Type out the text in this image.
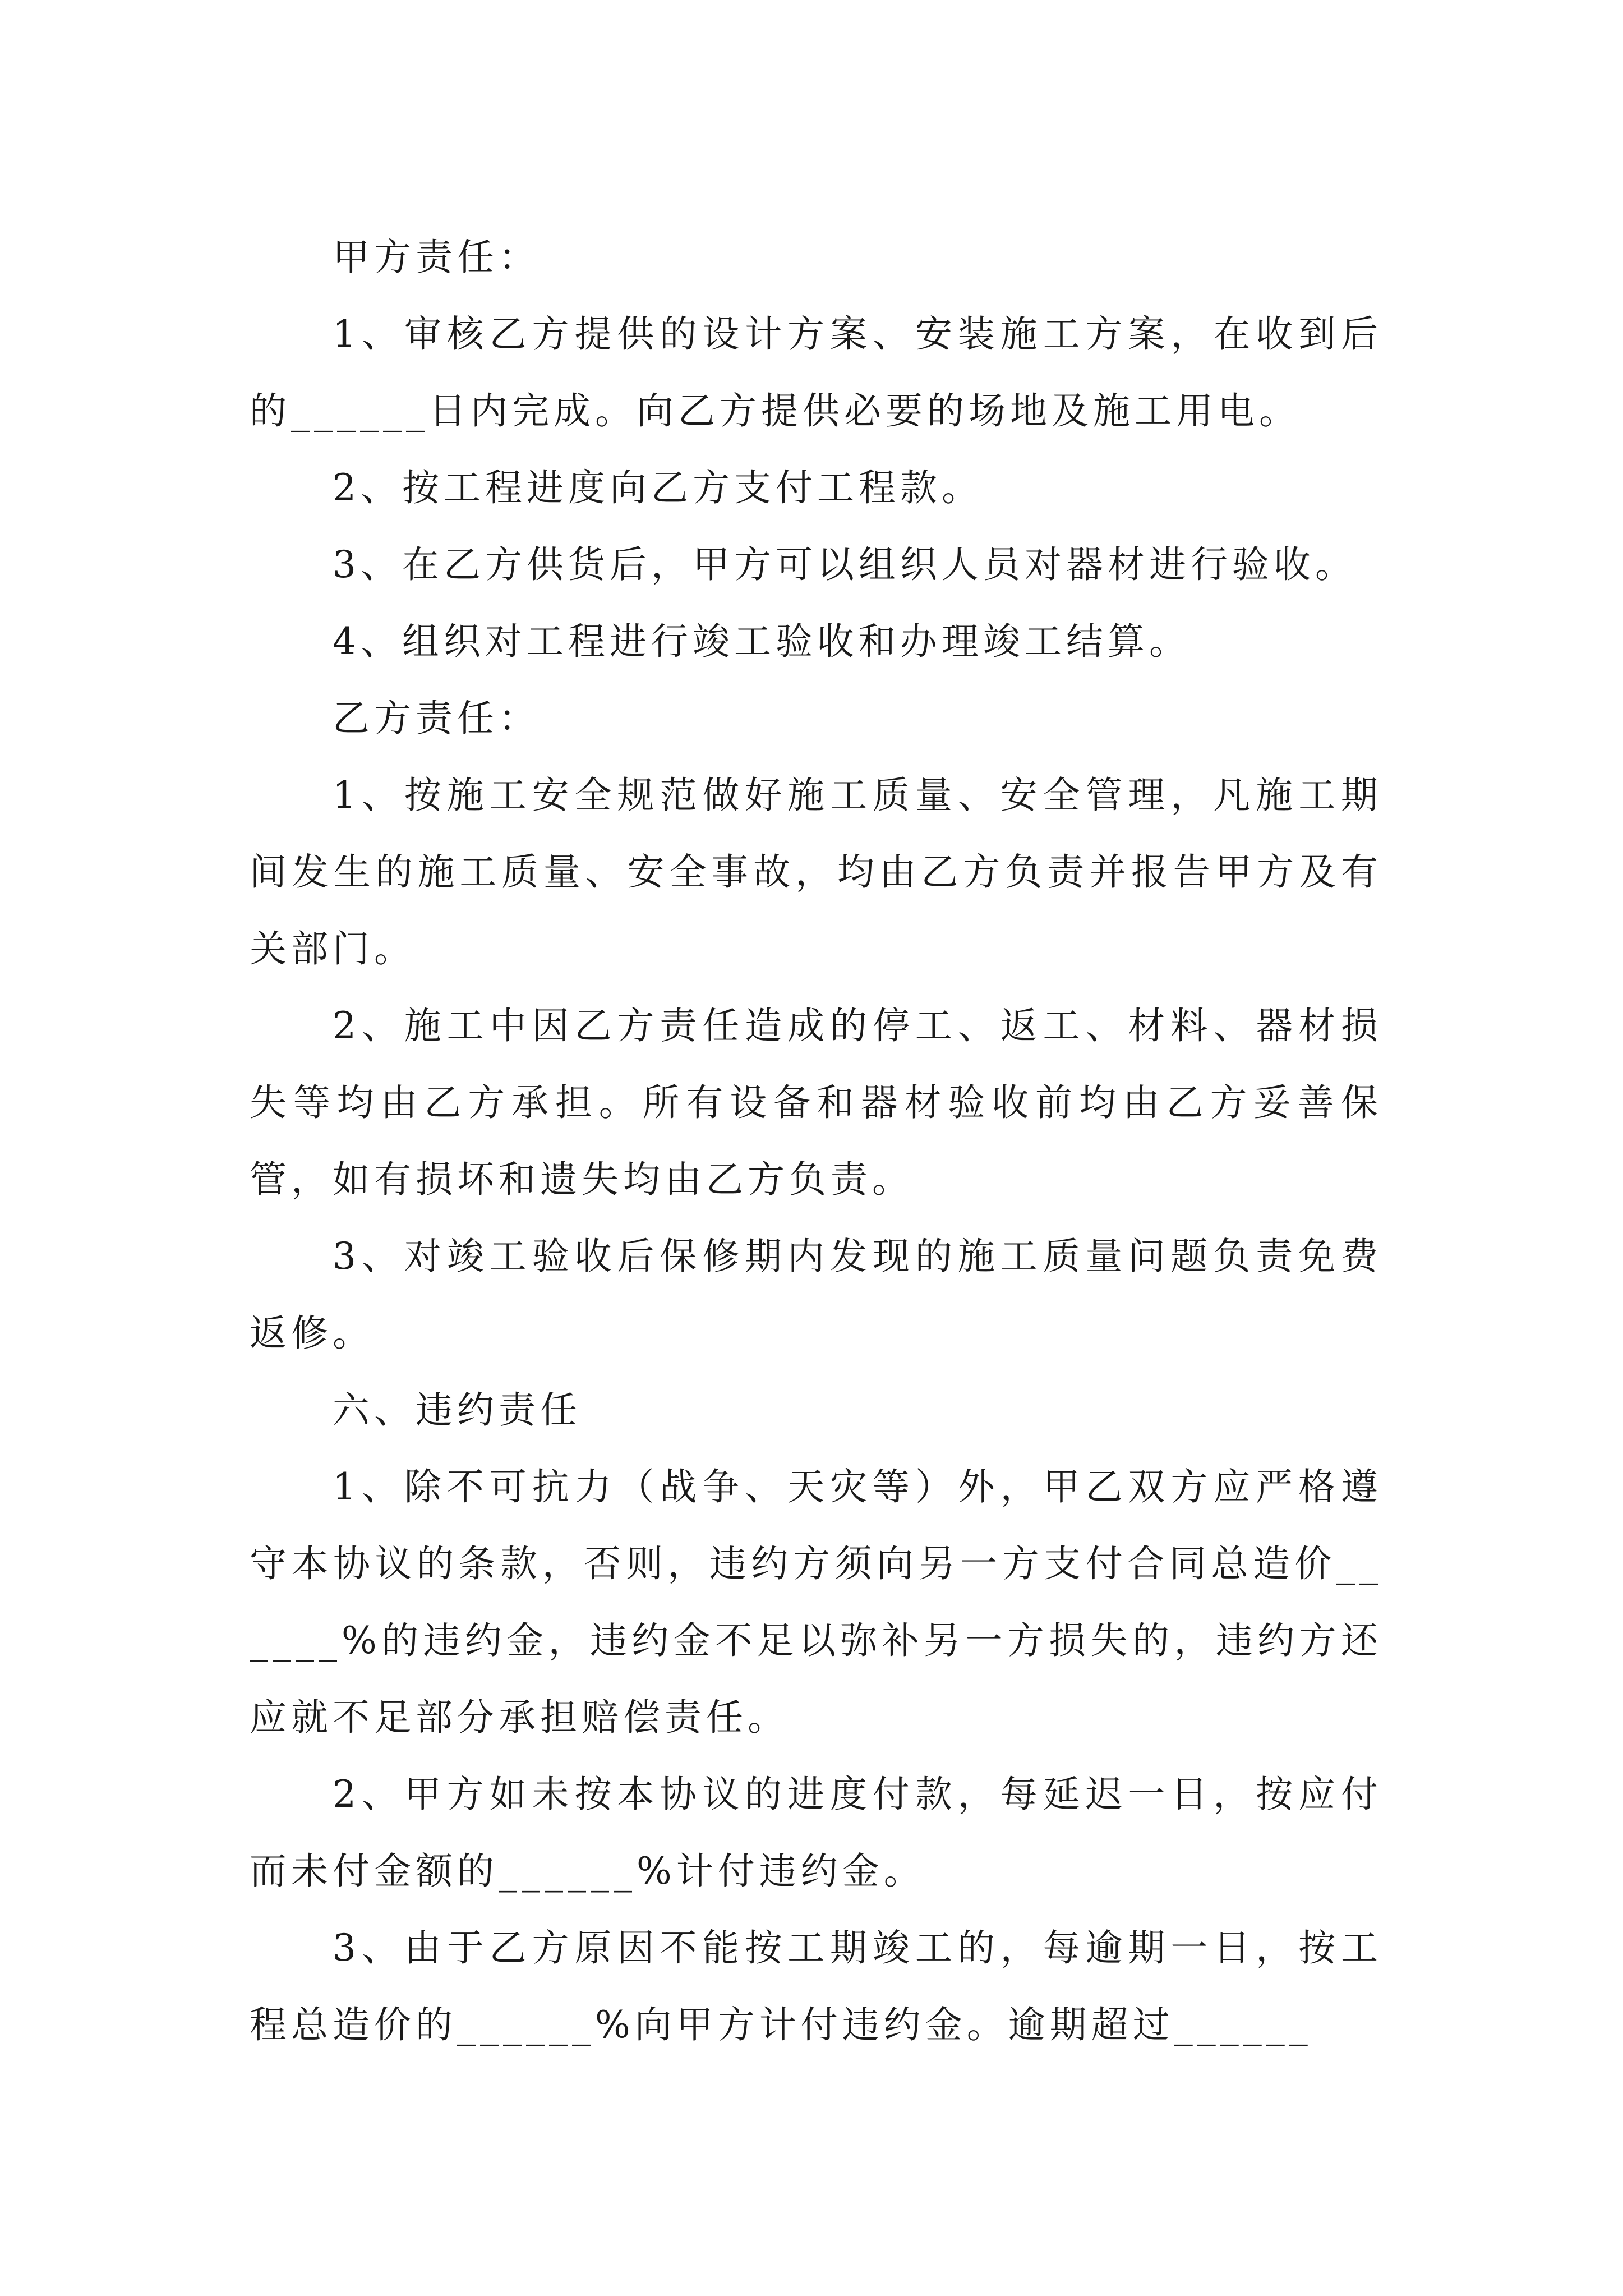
甲方责任：

1、审核乙方提供的设计方案、安装施工方案，在收到后的______日内完成。向乙方提供必要的场地及施工用电。

2、按工程进度向乙方支付工程款。

3、在乙方供货后，甲方可以组织人员对器材进行验收。

4、组织对工程进行竣工验收和办理竣工结算。

乙方责任：

1、按施工安全规范做好施工质量、安全管理，凡施工期间发生的施工质量、安全事故，均由乙方负责并报告甲方及有关部门。

2、施工中因乙方责任造成的停工、返工、材料、器材损失等均由乙方承担。所有设备和器材验收前均由乙方妥善保管，如有损坏和遗失均由乙方负责。

3、对竣工验收后保修期内发现的施工质量问题负责免费返修。

六、违约责任

1、除不可抗力（战争、天灾等）外，甲乙双方应严格遵守本协议的条款，否则，违约方须向另一方支付合同总造价______%的违约金，违约金不足以弥补另一方损失的，违约方还应就不足部分承担赔偿责任。

2、甲方如未按本协议的进度付款，每延迟一日，按应付而未付金额的______%计付违约金。

3、由于乙方原因不能按工期竣工的，每逾期一日，按工程总造价的______%向甲方计付违约金。逾期超过______
